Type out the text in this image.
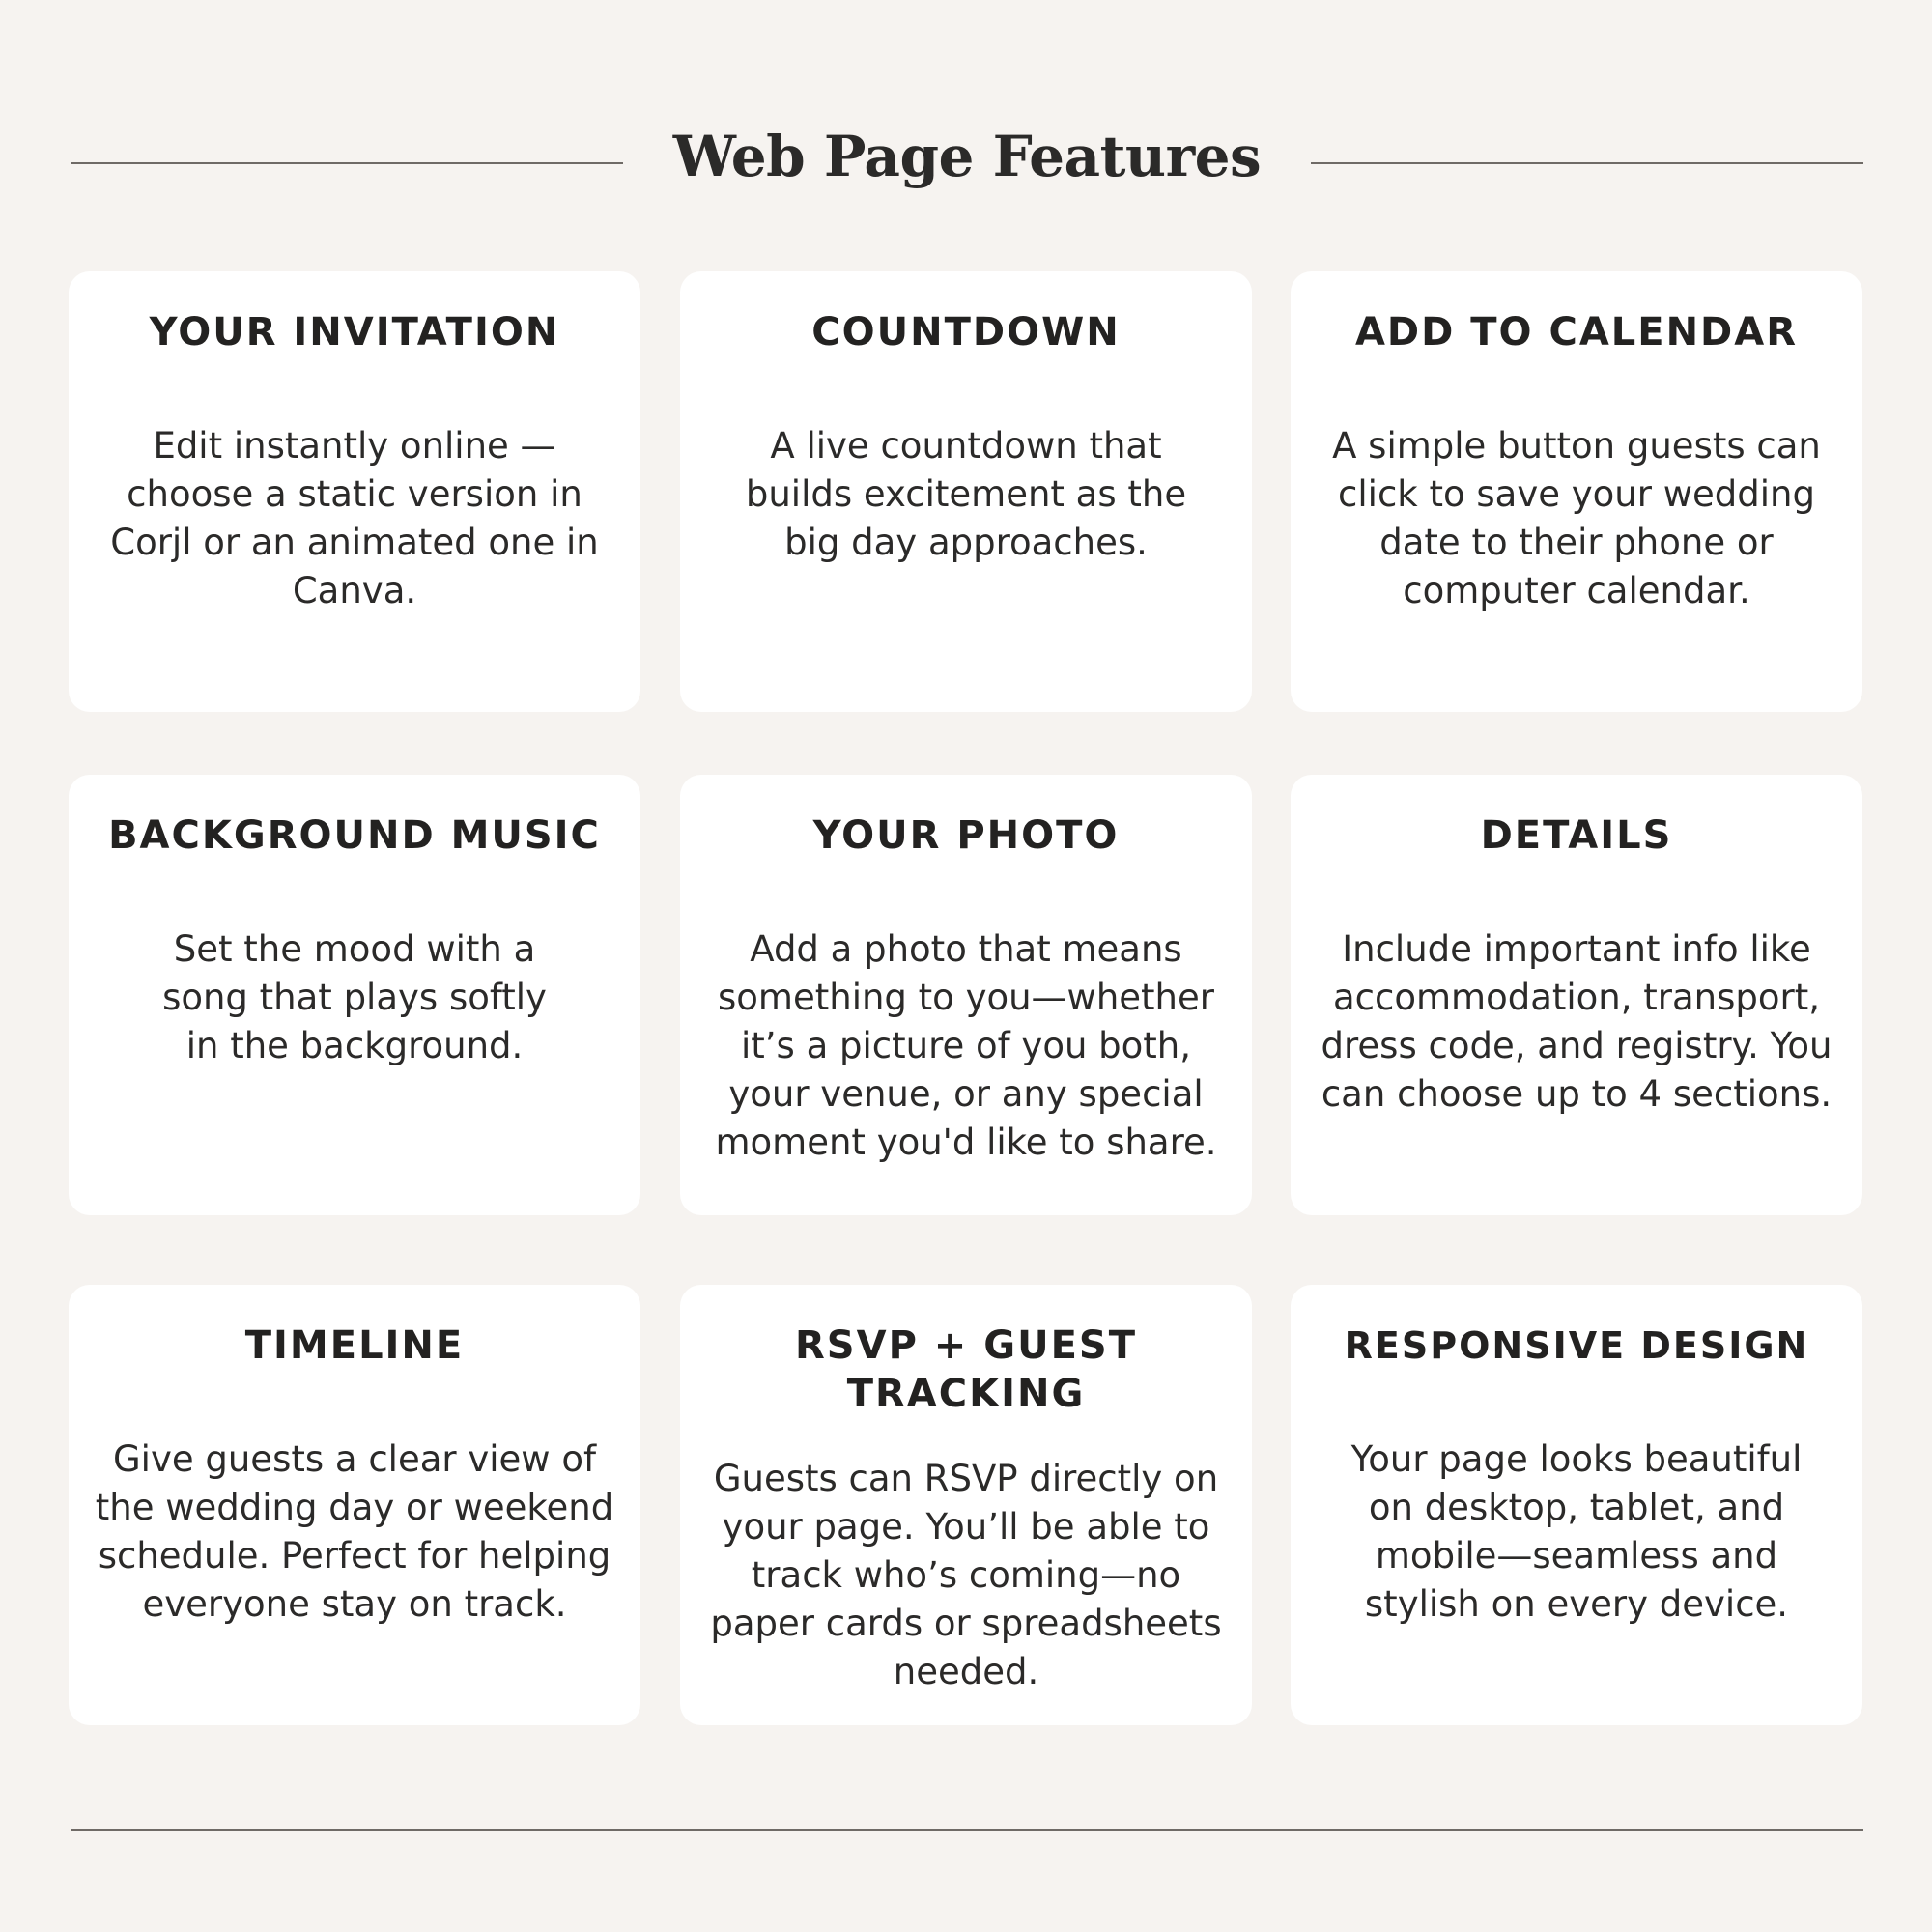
Web Page Features
YOUR INVITATION
Edit instantly online — choose a static version in Corjl or an animated one in Canva.
COUNTDOWN
A live countdown that builds excitement as the big day approaches.
ADD TO CALENDAR
A simple button guests can click to save your wedding date to their phone or computer calendar.
BACKGROUND MUSIC
Set the mood with a song that plays softly in the background.
YOUR PHOTO
Add a photo that means something to you—whether it’s a picture of you both, your venue, or any special moment you'd like to share.
DETAILS
Include important info like accommodation, transport, dress code, and registry. You can choose up to 4 sections.
TIMELINE
Give guests a clear view of the wedding day or weekend schedule. Perfect for helping everyone stay on track.
RSVP + GUEST TRACKING
Guests can RSVP directly on your page. You’ll be able to track who’s coming—no paper cards or spreadsheets needed.
RESPONSIVE DESIGN
Your page looks beautiful on desktop, tablet, and mobile—seamless and stylish on every device.
